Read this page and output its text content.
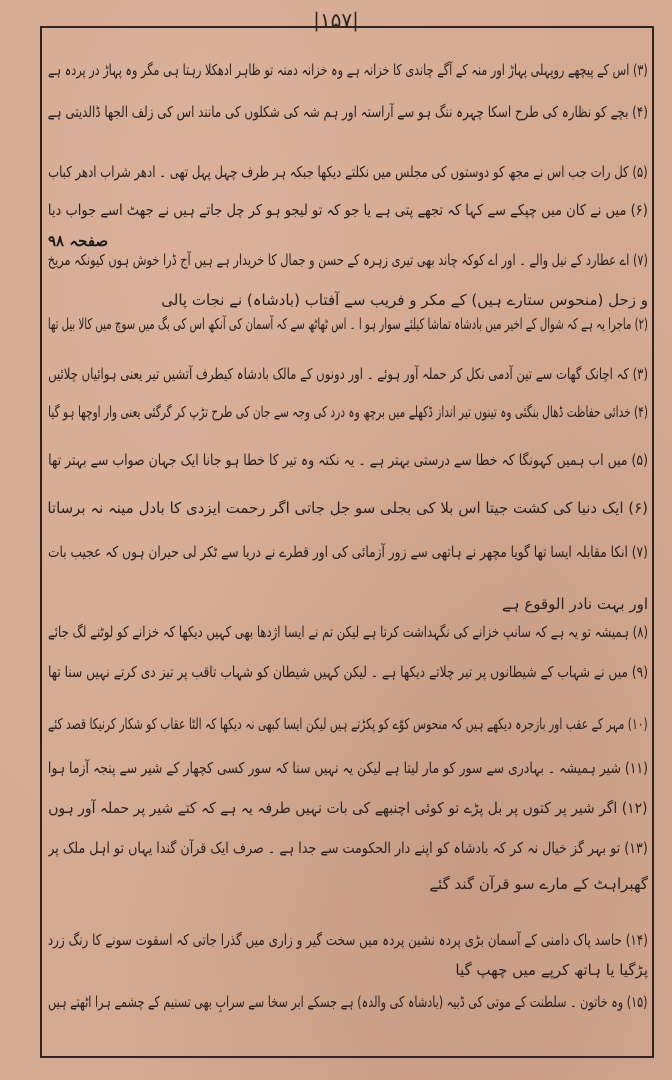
|۱۵۷|
صفحہ ۹۸
(۳) اس کے پیچھے روپہلی پہاڑ اور منہ کے آگے چاندی کا خزانہ ہے وہ خزانہ دمنہ تو ظاہر ادھکلا رہتا ہی مگر وہ پہاڑ در پردہ ہے
(۴) بچے کو نظارہ کی طرح اسکا چہرہ ننگ ہو سے آراستہ اور ہم شہ کی شکلوں کی مانند اس کی زلف الجھا ڈالدیتی ہے
(۵) کل رات جب اس نے مجھ کو دوستوں کی مجلس میں نکلتے دیکھا جبکہ ہر طرف چہل پہل تھی ۔ ادھر شراب ادھر کباب
(۶) میں نے کان میں چپکے سے کہا کہ تجھے پتی ہے یا جو کہ تو لیجو ہو کر چل جاتے ہیں نے جھٹ اسے جواب دیا
(۷) اے عطارد کے نیل والے ۔ اور اے کوکہ چاند بھی تیری زہرہ کے حسن و جمال کا خریدار ہے ہیں آج ڈرا خوش ہوں کیونکہ مریخ
و زحل (منحوس ستارے ہیں) کے مکر و فریب سے آفتاب (بادشاہ) نے نجات پالی
(۲) ماجرا یہ ہے کہ شوال کے اخیر میں بادشاہ تماشا کیلئے سوار ہو ا ۔ اس ٹھاٹھ سے کہ آسمان کی آنکھ اس کی بگ میں سوچ میں کالا بیل تھا
(۳) کہ اچانک گھات سے تین آدمی نکل کر حملہ آور ہوئے ۔ اور دونوں کے مالک بادشاہ کیطرف آتشیں تیر یعنی ہوائیاں چلائیں
(۴) خدائی حفاظت ڈھال بنگئی وہ تینوں تیر انداز ڈکھلے میں برچھ وہ درد کی وجہ سے جان کی طرح تڑپ کر گرگئی یعنی وار اوچھا ہو گیا
(۵) میں اب ہمیں کہونگا کہ خطا سے درستی بہتر ہے ۔ یہ نکتہ وہ تیر کا خطا ہو جانا ایک جہان صواب سے بہتر تھا
(۶) ایک دنیا کی کشت جیتا اس بلا کی بجلی سو جل جاتی اگر رحمت ایزدی کا بادل مینہ نہ برساتا
(۷) انکا مقابلہ ایسا تھا گویا مچھر نے ہاتھی سے زور آزمائی کی اور قطرے نے دریا سے ٹکر لی حیران ہوں کہ عجیب بات
اور بہت نادر الوقوع ہے
(۸) ہمیشہ تو یہ ہے کہ سانپ خزانے کی نگہداشت کرتا ہے لیکن تم نے ایسا اژدھا بھی کہیں دیکھا کہ خزانے کو لوٹنے لگ جائے
(۹) میں نے شہاب کے شیطانوں پر تیر چلاتے دیکھا ہے ۔ لیکن کہیں شیطان کو شہاب تاقب پر تیز دی کرتے نہیں سنا تھا
(۱۰) مہر کے عقب اور بازجرہ دیکھے ہیں کہ منحوس کوّے کو پکڑتے ہیں لیکن ایسا کبھی نہ دیکھا کہ الٹا عقاب کو شکار کرنیکا قصد کئے
(۱۱) شیر ہمیشہ ۔ بہادری سے سور کو مار لیتا ہے لیکن یہ نہیں سنا کہ سور کسی کچھار کے شیر سے پنجہ آزما ہوا
(۱۲) اگر شیر پر کتوں پر بل پڑے تو کوئی اچنبھے کی بات نہیں طرفہ یہ ہے کہ کتے شیر پر حملہ آور ہوں
(۱۳) تو بہر گز خیال نہ کر کہ بادشاہ کو اپنے دار الحکومت سے جدا ہے ۔ صرف ایک قرآن گندا یہاں تو اہل ملک پر
گھبراہٹ کے مارے سو قرآن گند گئے
(۱۴) حاسد پاک دامنی کے آسمان بڑی پردہ نشین پردہ میں سخت گیر و زاری میں گذرا جاتی کہ اسقوت سونے کا رنگ زرد
پڑگیا یا ہاتھ کرپے میں چھپ گیا
(۱۵) وہ خاتون ۔ سلطنت کے موتی کی ڈبیہ (بادشاہ کی والدہ) ہے جسکے ابر سخا سے سرابِ بھی تسنیم کے چشمے ہرا اٹھتے ہیں
